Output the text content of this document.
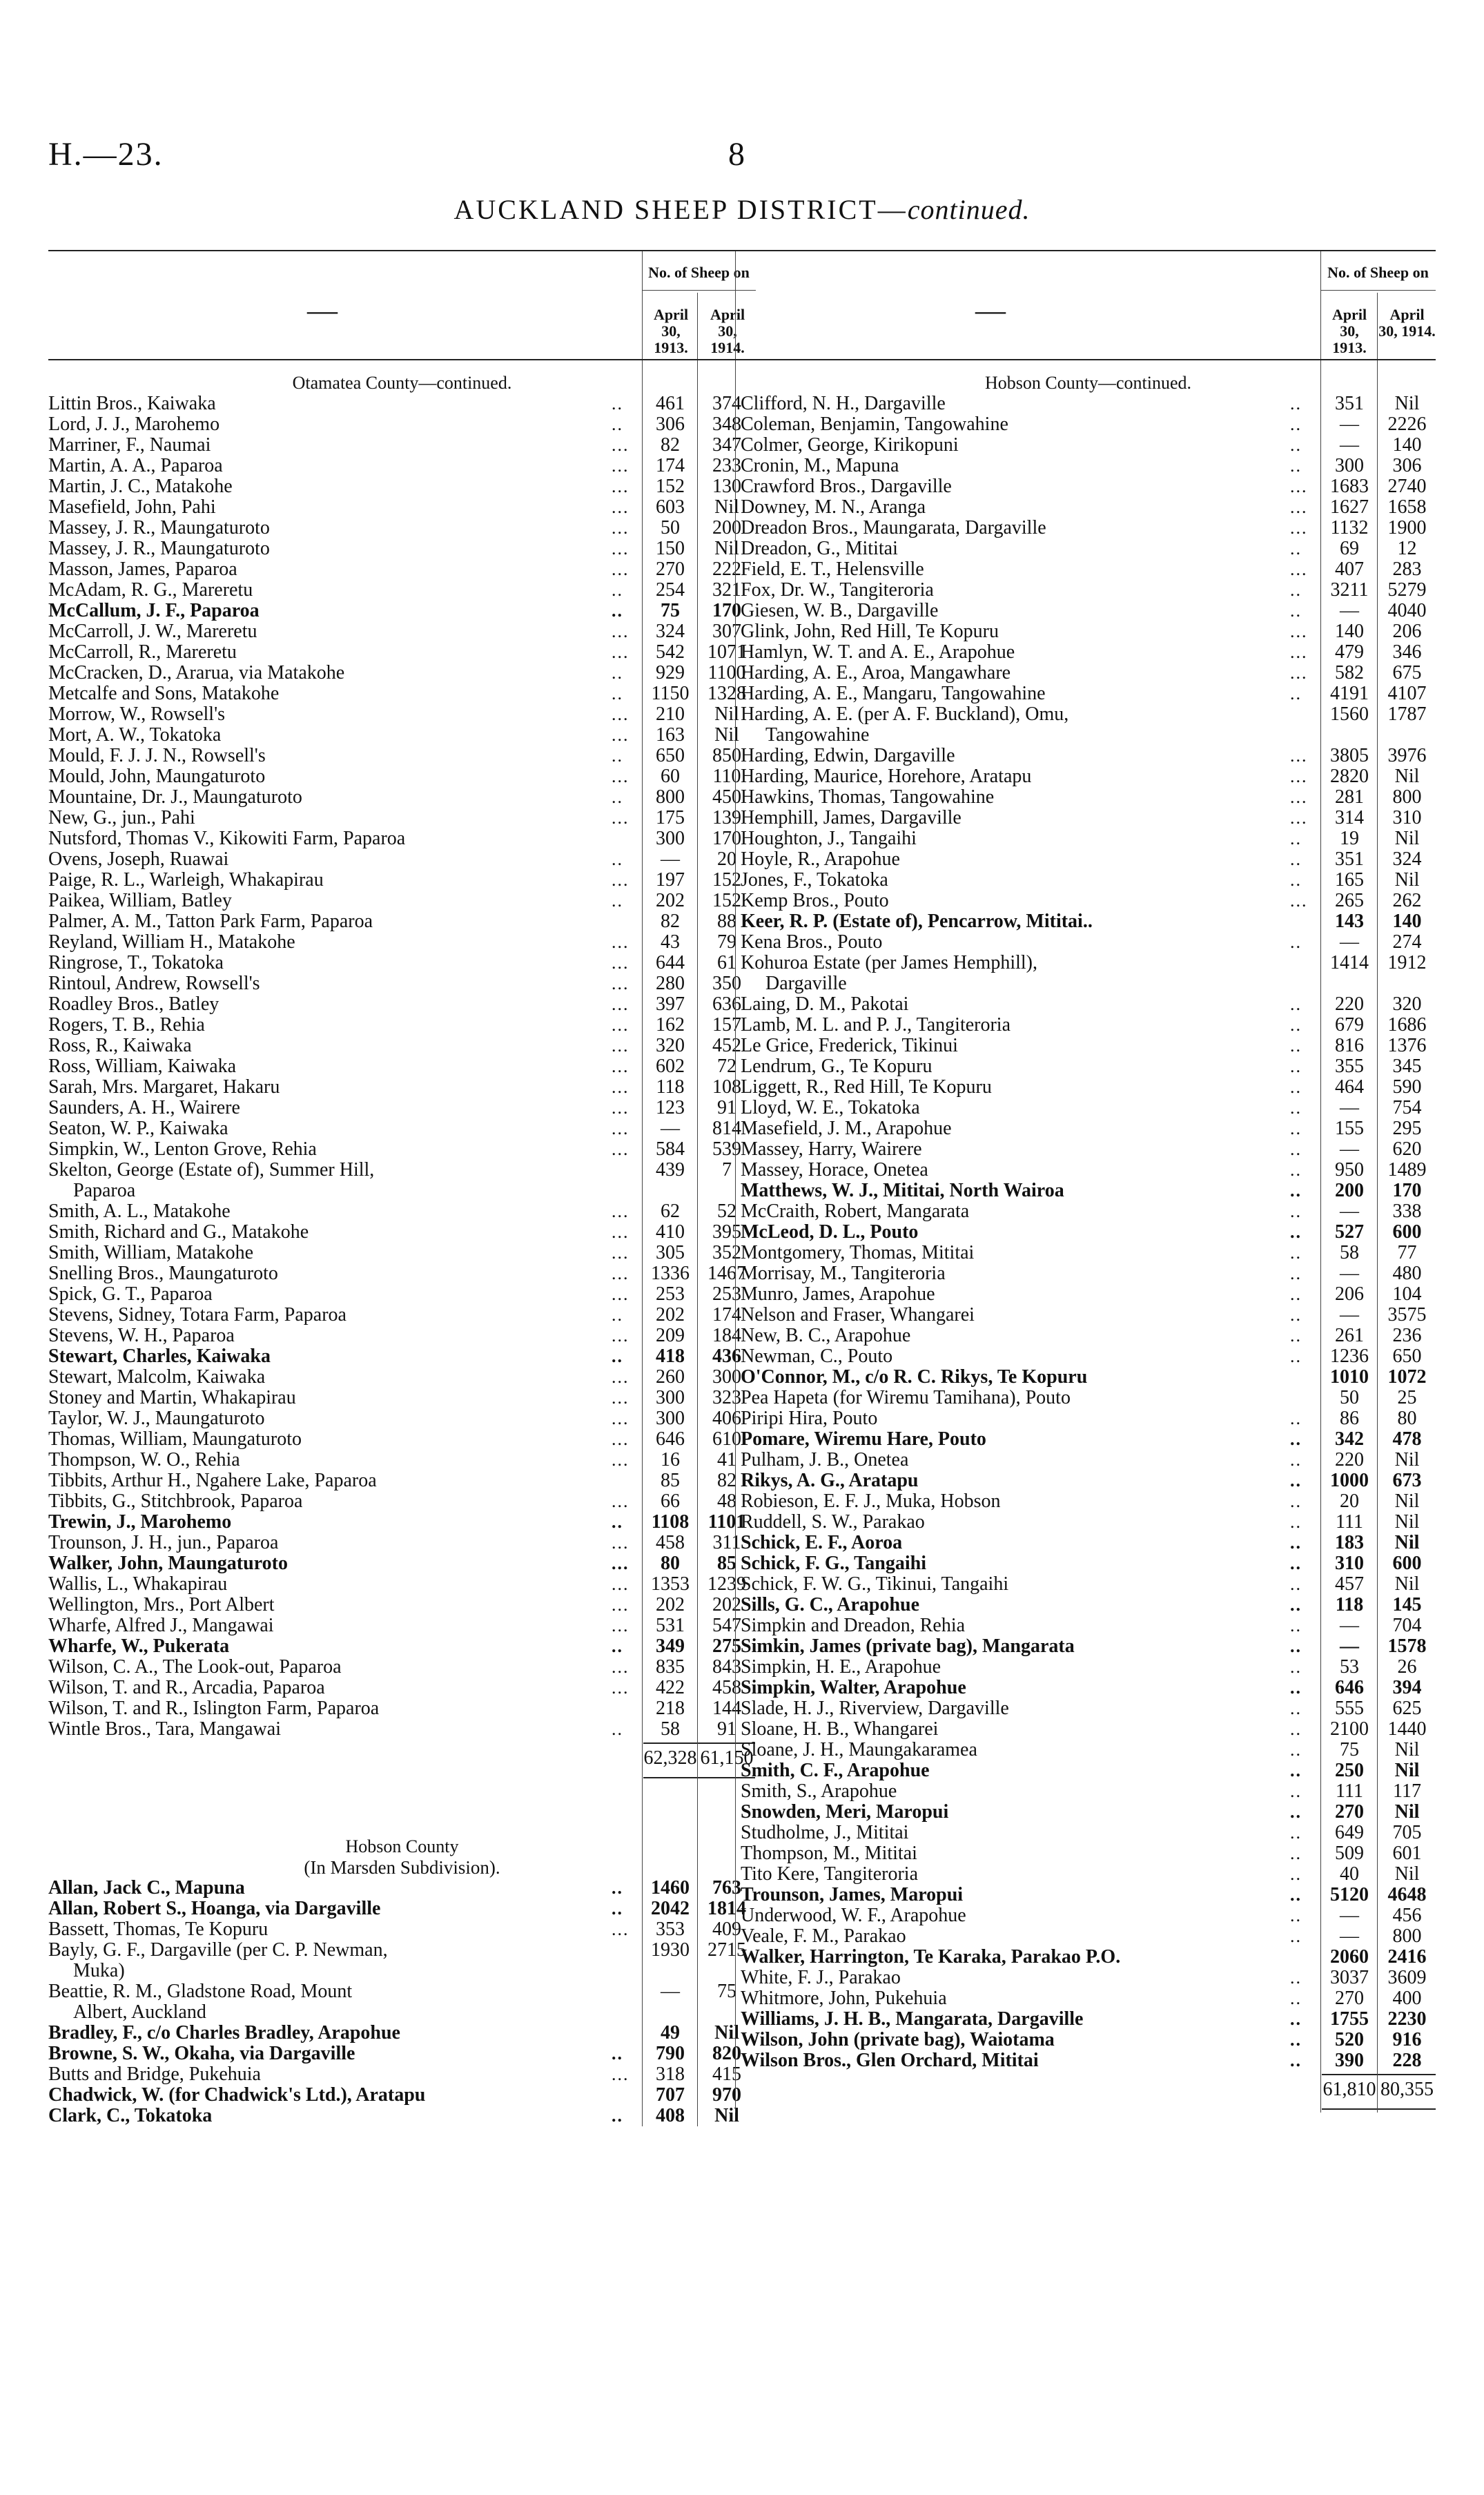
H.—23.	8
AUCKLAND SHEEP DISTRICT—continued.
—
No. of Sheep on
April 30, 1913.
April 30, 1914.
Otamatea County—continued.
Littin Bros., Kaiwaka	..	461	374
Lord, J. J., Marohemo	..	306	348
Marriner, F., Naumai	...	82	347
Martin, A. A., Paparoa	...	174	233
Martin, J. C., Matakohe	...	152	130
Masefield, John, Pahi	...	603	Nil
Massey, J. R., Maungaturoto	...	50	200
Massey, J. R., Maungaturoto	...	150	Nil
Masson, James, Paparoa	...	270	222
McAdam, R. G., Mareretu	..	254	321
McCallum, J. F., Paparoa	..	75	170
McCarroll, J. W., Mareretu	...	324	307
McCarroll, R., Mareretu	...	542	1071
McCracken, D., Ararua, via Matakohe	..	929	1100
Metcalfe and Sons, Matakohe	..	1150 1328
Morrow, W., Rowsell's	...	210	Nil
Mort, A. W., Tokatoka	...	163	Nil
Mould, F. J. J. N., Rowsell's	..	650	850
Mould, John, Maungaturoto	...	60	110
Mountaine, Dr. J., Maungaturoto	..	800	450
New, G., jun., Pahi	...	175	139
Nutsford, Thomas V., Kikowiti Farm, Paparoa	300	170
Ovens, Joseph, Ruawai	..	—	20
Paige, R. L., Warleigh, Whakapirau	...	197	152
Paikea, William, Batley	..	202	152
Palmer, A. M., Tatton Park Farm, Paparoa	82	88
Reyland, William H., Matakohe	...	43	79
Ringrose, T., Tokatoka	...	644	61
Rintoul, Andrew, Rowsell's	...	280	350
Roadley Bros., Batley	...	397	636
Rogers, T. B., Rehia	...	162	157
Ross, R., Kaiwaka	...	320	452
Ross, William, Kaiwaka	...	602	72
Sarah, Mrs. Margaret, Hakaru	...	118	108
Saunders, A. H., Wairere	...	123	91
Seaton, W. P., Kaiwaka	...	—	814
Simpkin, W., Lenton Grove, Rehia	...	584	539
Skelton, George (Estate of), Summer Hill,
Paparoa
439	7
Smith, A. L., Matakohe	...	62	52
Smith, Richard and G., Matakohe	...	410	395
Smith, William, Matakohe	...	305	352
Snelling Bros., Maungaturoto	...	1336 1467
Spick, G. T., Paparoa	...	253	253
Stevens, Sidney, Totara Farm, Paparoa	..	202	174
Stevens, W. H., Paparoa	...	209	184
Stewart, Charles, Kaiwaka	..	418	436
Stewart, Malcolm, Kaiwaka	...	260	300
Stoney and Martin, Whakapirau	...	300	323
Taylor, W. J., Maungaturoto	...	300	406
Thomas, William, Maungaturoto	...	646	610
Thompson, W. O., Rehia	...	16	41
Tibbits, Arthur H., Ngahere Lake, Paparoa	85	82
Tibbits, G., Stitchbrook, Paparoa	...	66	48
Trewin, J., Marohemo	..	1108 1101
Trounson, J. H., jun., Paparoa	...	458	311
Walker, John, Maungaturoto	...	80	85
Wallis, L., Whakapirau	...	1353 1239
Wellington, Mrs., Port Albert	...	202	202
Wharfe, Alfred J., Mangawai	...	531	547
Wharfe, W., Pukerata	..	349	275
Wilson, C. A., The Look-out, Paparoa	...	835	843
Wilson, T. and R., Arcadia, Paparoa	...	422	458
Wilson, T. and R., Islington Farm, Paparoa	218	144
Wintle Bros., Tara, Mangawai	..	58	91
62,328 61,150
Hobson County
(In Marsden Subdivision).
Allan, Jack C., Mapuna	..	1460	763
Allan, Robert S., Hoanga, via Dargaville	..	2042 1814
Bassett, Thomas, Te Kopuru	...	353	409
Bayly, G. F., Dargaville (per C. P. Newman,
Muka)
1930 2715
Beattie, R. M., Gladstone Road, Mount
Albert, Auckland
—	75
Bradley, F., c/o Charles Bradley, Arapohue	49	Nil
Browne, S. W., Okaha, via Dargaville	..	790	820
Butts and Bridge, Pukehuia	...	318	415
Chadwick, W. (for Chadwick's Ltd.), Aratapu	707	970
Clark, C., Tokatoka	..	408	Nil
—
No. of Sheep on
April 30, 1913.
April 30, 1914.
Hobson County—continued.
Clifford, N. H., Dargaville	..	351	Nil
Coleman, Benjamin, Tangowahine	..	—	2226
Colmer, George, Kirikopuni	..	—	140
Cronin, M., Mapuna	..	300	306
Crawford Bros., Dargaville	...	1683 2740
Downey, M. N., Aranga	...	1627 1658
Dreadon Bros., Maungarata, Dargaville	...	1132	1900
Dreadon, G., Mititai	..	69	12
Field, E. T., Helensville	...	407	283
Fox, Dr. W., Tangiteroria	..	3211	5279
Giesen, W. B., Dargaville	..	—	4040
Glink, John, Red Hill, Te Kopuru	...	140	206
Hamlyn, W. T. and A. E., Arapohue	...	479	346
Harding, A. E., Aroa, Mangawhare	...	582	675
Harding, A. E., Mangaru, Tangowahine	..	4191 4107
Harding, A. E. (per A. F. Buckland), Omu,
Tangowahine
1560 1787
Harding, Edwin, Dargaville	...	3805 3976
Harding, Maurice, Horehore, Aratapu	...	2820	Nil
Hawkins, Thomas, Tangowahine	...	281	800
Hemphill, James, Dargaville	...	314	310
Houghton, J., Tangaihi	..	19	Nil
Hoyle, R., Arapohue	..	351	324
Jones, F., Tokatoka	..	165	Nil
Kemp Bros., Pouto	...	265	262
Keer, R. P. (Estate of), Pencarrow, Mititai..	143	140
Kena Bros., Pouto	..	—	274
Kohuroa Estate (per James Hemphill),
Dargaville
1414 1912
Laing, D. M., Pakotai	..	220	320
Lamb, M. L. and P. J., Tangiteroria	..	679	1686
Le Grice, Frederick, Tikinui	..	816	1376
Lendrum, G., Te Kopuru	..	355	345
Liggett, R., Red Hill, Te Kopuru	..	464	590
Lloyd, W. E., Tokatoka	..	—	754
Masefield, J. M., Arapohue	..	155	295
Massey, Harry, Wairere	..	—	620
Massey, Horace, Onetea	..	950	1489
Matthews, W. J., Mititai, North Wairoa	..	200	170
McCraith, Robert, Mangarata	..	—	338
McLeod, D. L., Pouto	..	527	600
Montgomery, Thomas, Mititai	..	58	77
Morrisay, M., Tangiteroria	..	—	480
Munro, James, Arapohue	..	206	104
Nelson and Fraser, Whangarei	..	—	3575
New, B. C., Arapohue	..	261	236
Newman, C., Pouto	..	1236	650
O'Connor, M., c/o R. C. Rikys, Te Kopuru	1010 1072
Pea Hapeta (for Wiremu Tamihana), Pouto	50	25
Piripi Hira, Pouto	..	86	80
Pomare, Wiremu Hare, Pouto	..	342	478
Pulham, J. B., Onetea	..	220	Nil
Rikys, A. G., Aratapu	..	1000	673
Robieson, E. F. J., Muka, Hobson	..	20	Nil
Ruddell, S. W., Parakao	..	111	Nil
Schick, E. F., Aoroa	..	183	Nil
Schick, F. G., Tangaihi	..	310	600
Schick, F. W. G., Tikinui, Tangaihi	..	457	Nil
Sills, G. C., Arapohue	..	118	145
Simpkin and Dreadon, Rehia	..	—	704
Simkin, James (private bag), Mangarata	..	—	1578
Simpkin, H. E., Arapohue	..	53	26
Simpkin, Walter, Arapohue	..	646	394
Slade, H. J., Riverview, Dargaville	..	555	625
Sloane, H. B., Whangarei	..	2100 1440
Sloane, J. H., Maungakaramea	..	75	Nil
Smith, C. F., Arapohue	..	250	Nil
Smith, S., Arapohue	..	111	117
Snowden, Meri, Maropui	..	270	Nil
Studholme, J., Mititai	..	649	705
Thompson, M., Mititai	..	509	601
Tito Kere, Tangiteroria	..	40	Nil
Trounson, James, Maropui	..	5120 4648
Underwood, W. F., Arapohue	..	—	456
Veale, F. M., Parakao	..	—	800
Walker, Harrington, Te Karaka, Parakao P.O.	2060 2416
White, F. J., Parakao	..	3037 3609
Whitmore, John, Pukehuia	..	270	400
Williams, J. H. B., Mangarata, Dargaville	..	1755 2230
Wilson, John (private bag), Waiotama	..	520	916
Wilson Bros., Glen Orchard, Mititai	..	390	228
61,810 80,355
